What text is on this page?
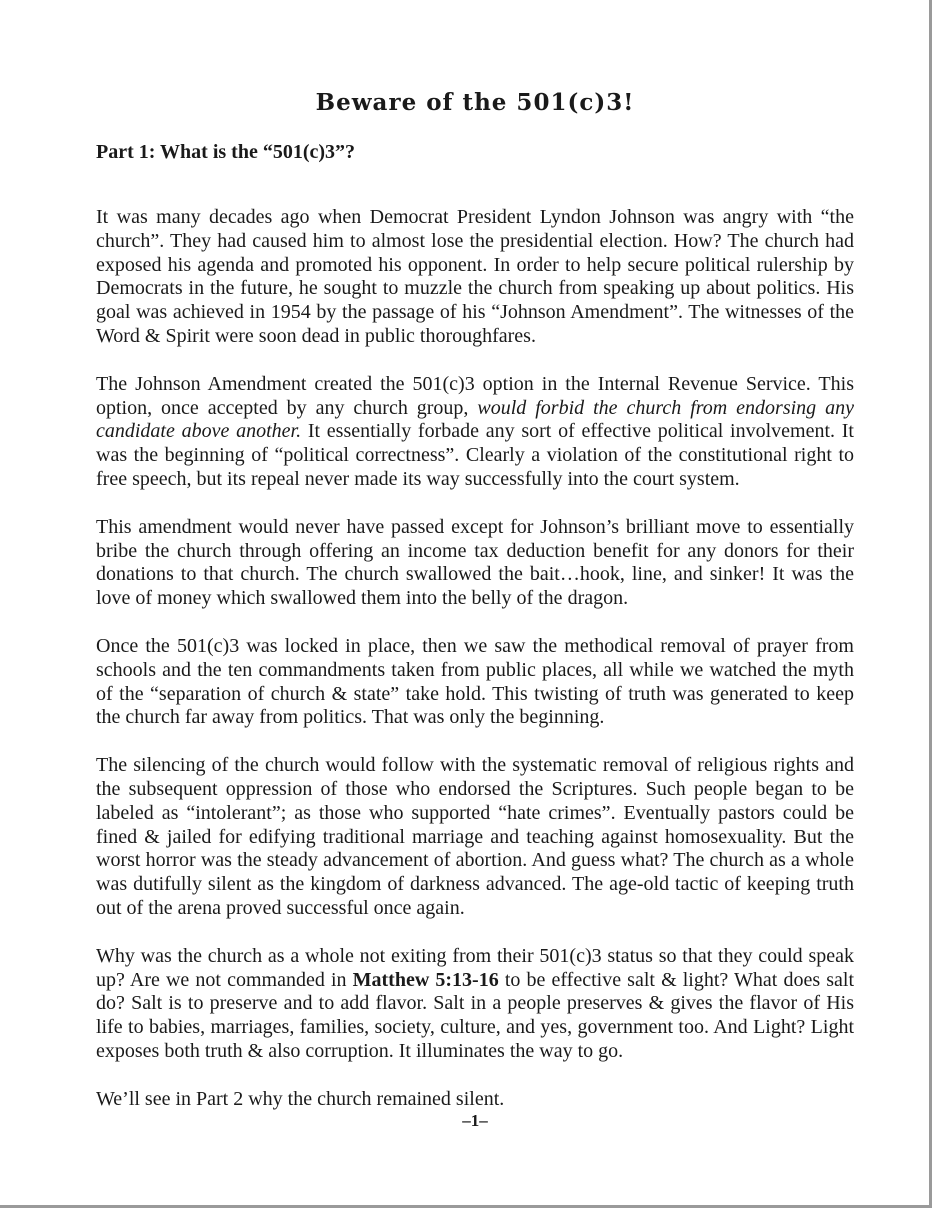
Beware of the 501(c)3!
Part 1: What is the “501(c)3”?

It was many decades ago when Democrat President Lyndon Johnson was angry with “the church”. They had caused him to almost lose the presidential election. How? The church had exposed his agenda and promoted his opponent. In order to help secure political rulership by Democrats in the future, he sought to muzzle the church from speaking up about politics. His goal was achieved in 1954 by the passage of his “Johnson Amendment”. The witnesses of the Word & Spirit were soon dead in public thoroughfares.

The Johnson Amendment created the 501(c)3 option in the Internal Revenue Service. This option, once accepted by any church group, would forbid the church from endorsing any candidate above another. It essentially forbade any sort of effective political involvement. It was the beginning of “political correctness”. Clearly a violation of the constitutional right to free speech, but its repeal never made its way successfully into the court system.

This amendment would never have passed except for Johnson’s brilliant move to essentially bribe the church through offering an income tax deduction benefit for any donors for their donations to that church. The church swallowed the bait…hook, line, and sinker! It was the love of money which swallowed them into the belly of the dragon.

Once the 501(c)3 was locked in place, then we saw the methodical removal of prayer from schools and the ten commandments taken from public places, all while we watched the myth of the “separation of church & state” take hold. This twisting of truth was generated to keep the church far away from politics. That was only the beginning.

The silencing of the church would follow with the systematic removal of religious rights and the subsequent oppression of those who endorsed the Scriptures. Such people began to be labeled as “intolerant”; as those who supported “hate crimes”. Eventually pastors could be fined & jailed for edifying traditional marriage and teaching against homosexuality. But the worst horror was the steady advancement of abortion. And guess what? The church as a whole was dutifully silent as the kingdom of darkness advanced. The age-old tactic of keeping truth out of the arena proved successful once again.

Why was the church as a whole not exiting from their 501(c)3 status so that they could speak up? Are we not commanded in Matthew 5:13-16 to be effective salt & light? What does salt do? Salt is to preserve and to add flavor. Salt in a people preserves & gives the flavor of His life to babies, marriages, families, society, culture, and yes, government too. And Light? Light exposes both truth & also corruption. It illuminates the way to go.

We’ll see in Part 2 why the church remained silent.

–1–
